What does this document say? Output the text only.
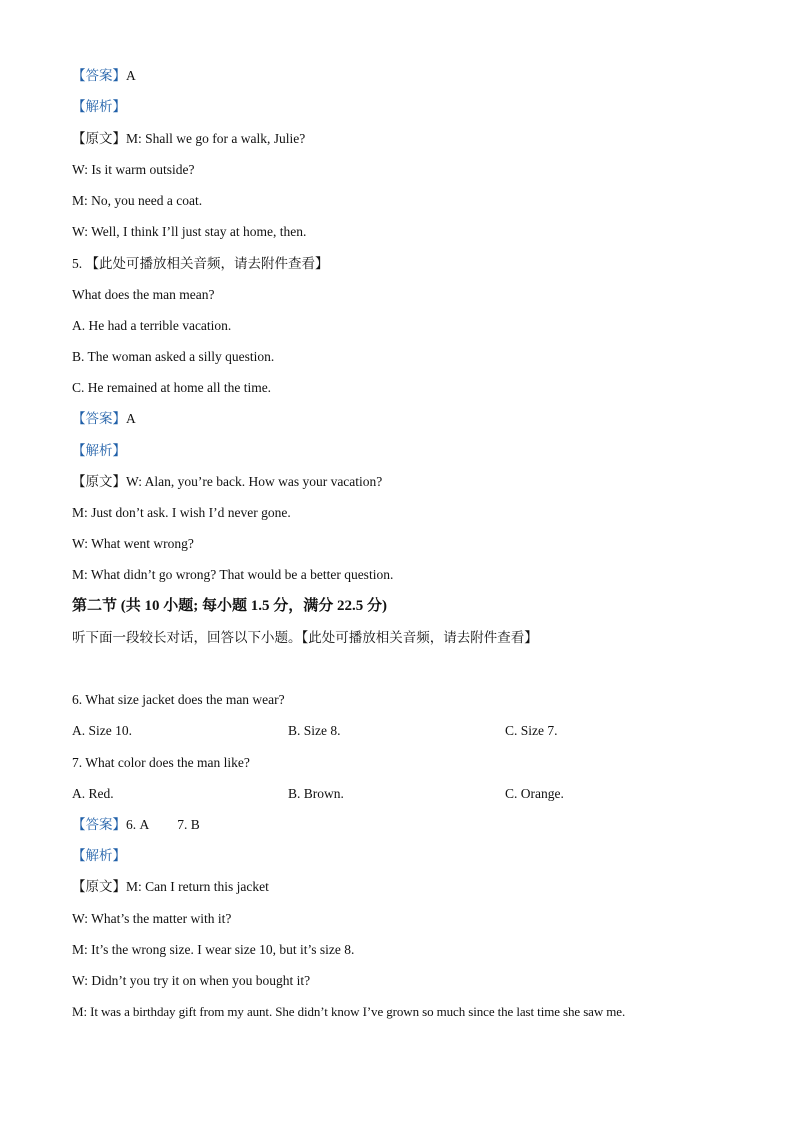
【答案】A
【解析】
【原文】M: Shall we go for a walk, Julie?
W: Is it warm outside?
M: No, you need a coat.
W: Well, I think I’ll just stay at home, then.
5. 【此处可播放相关音频，请去附件查看】
What does the man mean?
A. He had a terrible vacation.
B. The woman asked a silly question.
C. He remained at home all the time.
【答案】A
【解析】
【原文】W: Alan, you’re back. How was your vacation?
M: Just don’t ask. I wish I’d never gone.
W: What went wrong?
M: What didn’t go wrong? That would be a better question.
第二节 (共 10 小题; 每小题 1.5 分，满分 22.5 分)
听下面一段较长对话，回答以下小题。【此处可播放相关音频，请去附件查看】
6. What size jacket does the man wear?
A. Size 10.	B. Size 8.	C. Size 7.
7. What color does the man like?
A. Red.	B. Brown.	C. Orange.
【答案】6. A 7. B
【解析】
【原文】M: Can I return this jacket
W: What’s the matter with it?
M: It’s the wrong size. I wear size 10, but it’s size 8.
W: Didn’t you try it on when you bought it?
M: It was a birthday gift from my aunt. She didn’t know I’ve grown so much since the last time she saw me.
